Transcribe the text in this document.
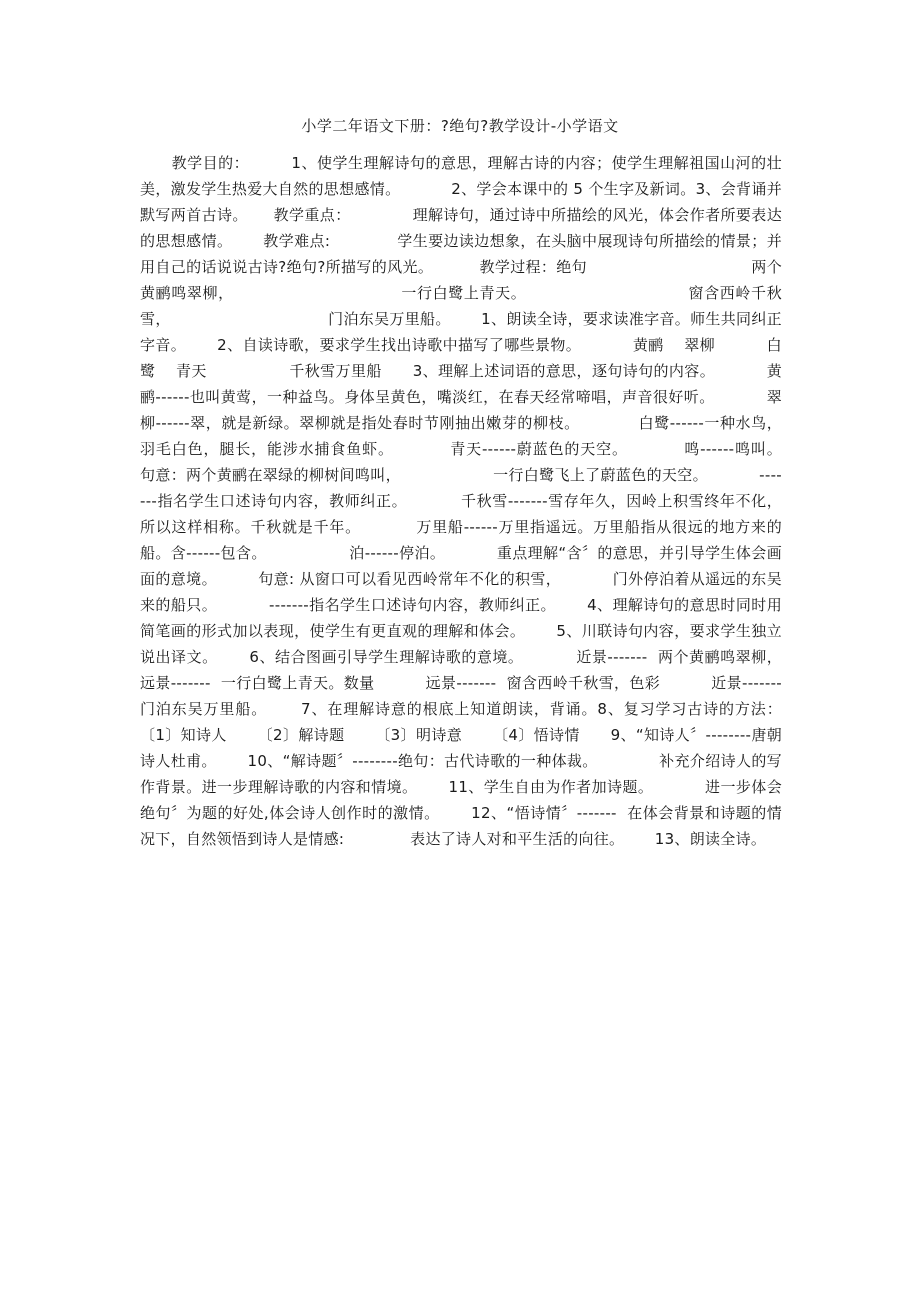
小学二年语文下册：?绝句?教学设计-小学语文
教学目的：        1、使学生理解诗句的意思，理解古诗的内容；使学生理解祖国山河的壮美，激发学生热爱大自然的思想感情。          2、学会本课中的 5 个生字及新词。3、会背诵并默写两首古诗。     教学重点：            理解诗句，通过诗中所描绘的风光，体会作者所要表达的思想感情。      教学难点:             学生要边读边想象，在头脑中展现诗句所描绘的情景；并用自己的话说说古诗?绝句?所描写的风光。         教学过程：绝句                                两个黄鹂鸣翠柳，                               一行白鹭上青天。                              窗含西岭千秋雪，                               门泊东吴万里船。      1、朗读全诗，要求读准字音。师生共同纠正字音。      2、自读诗歌，要求学生找出诗歌中描写了哪些景物。          黄鹂    翠柳          白鹭    青天                千秋雪万里船      3、理解上述词语的意思，逐句诗句的内容。          黄鹂------也叫黄莺，一种益鸟。身体呈黄色，嘴淡红，在春天经常啼唱，声音很好听。          翠柳------翠，就是新绿。翠柳就是指处春时节刚抽出嫩芽的柳枝。           白鹭------一种水鸟，羽毛白色，腿长，能涉水捕食鱼虾。          青天------蔚蓝色的天空。          鸣------鸣叫。          句意：两个黄鹂在翠绿的柳树间鸣叫，                  一行白鹭飞上了蔚蓝色的天空。          -------指名学生口述诗句内容，教师纠正。          千秋雪-------雪存年久，因岭上积雪终年不化，所以这样相称。千秋就是千年。          万里船------万里指遥远。万里船指从很远的地方来的船。含------包含。                泊------停泊。          重点理解“含〞的意思，并引导学生体会画面的意境。        句意: 从窗口可以看见西岭常年不化的积雪，          门外停泊着从遥远的东吴来的船只。          -------指名学生口述诗句内容，教师纠正。      4、理解诗句的意思时同时用简笔画的形式加以表现，使学生有更直观的理解和体会。      5、川联诗句内容，要求学生独立说出译文。      6、结合图画引导学生理解诗歌的意境。          近景-------  两个黄鹂鸣翠柳，          远景-------  一行白鹭上青天。数量          远景-------  窗含西岭千秋雪，色彩          近景-------  门泊东吴万里船。      7、在理解诗意的根底上知道朗读，背诵。8、复习学习古诗的方法：        〔1〕知诗人      〔2〕解诗题      〔3〕明诗意      〔4〕悟诗情      9、“知诗人〞--------唐朝诗人杜甫。      10、“解诗题〞--------绝句：古代诗歌的一种体裁。            补充介绍诗人的写作背景。进一步理解诗歌的内容和情境。      11、学生自由为作者加诗题。          进一步体会绝句〞为题的好处,体会诗人创作时的激情。      12、“悟诗情〞-------  在体会背景和诗题的情况下，自然领悟到诗人是情感:             表达了诗人对和平生活的向往。      13、朗读全诗。
